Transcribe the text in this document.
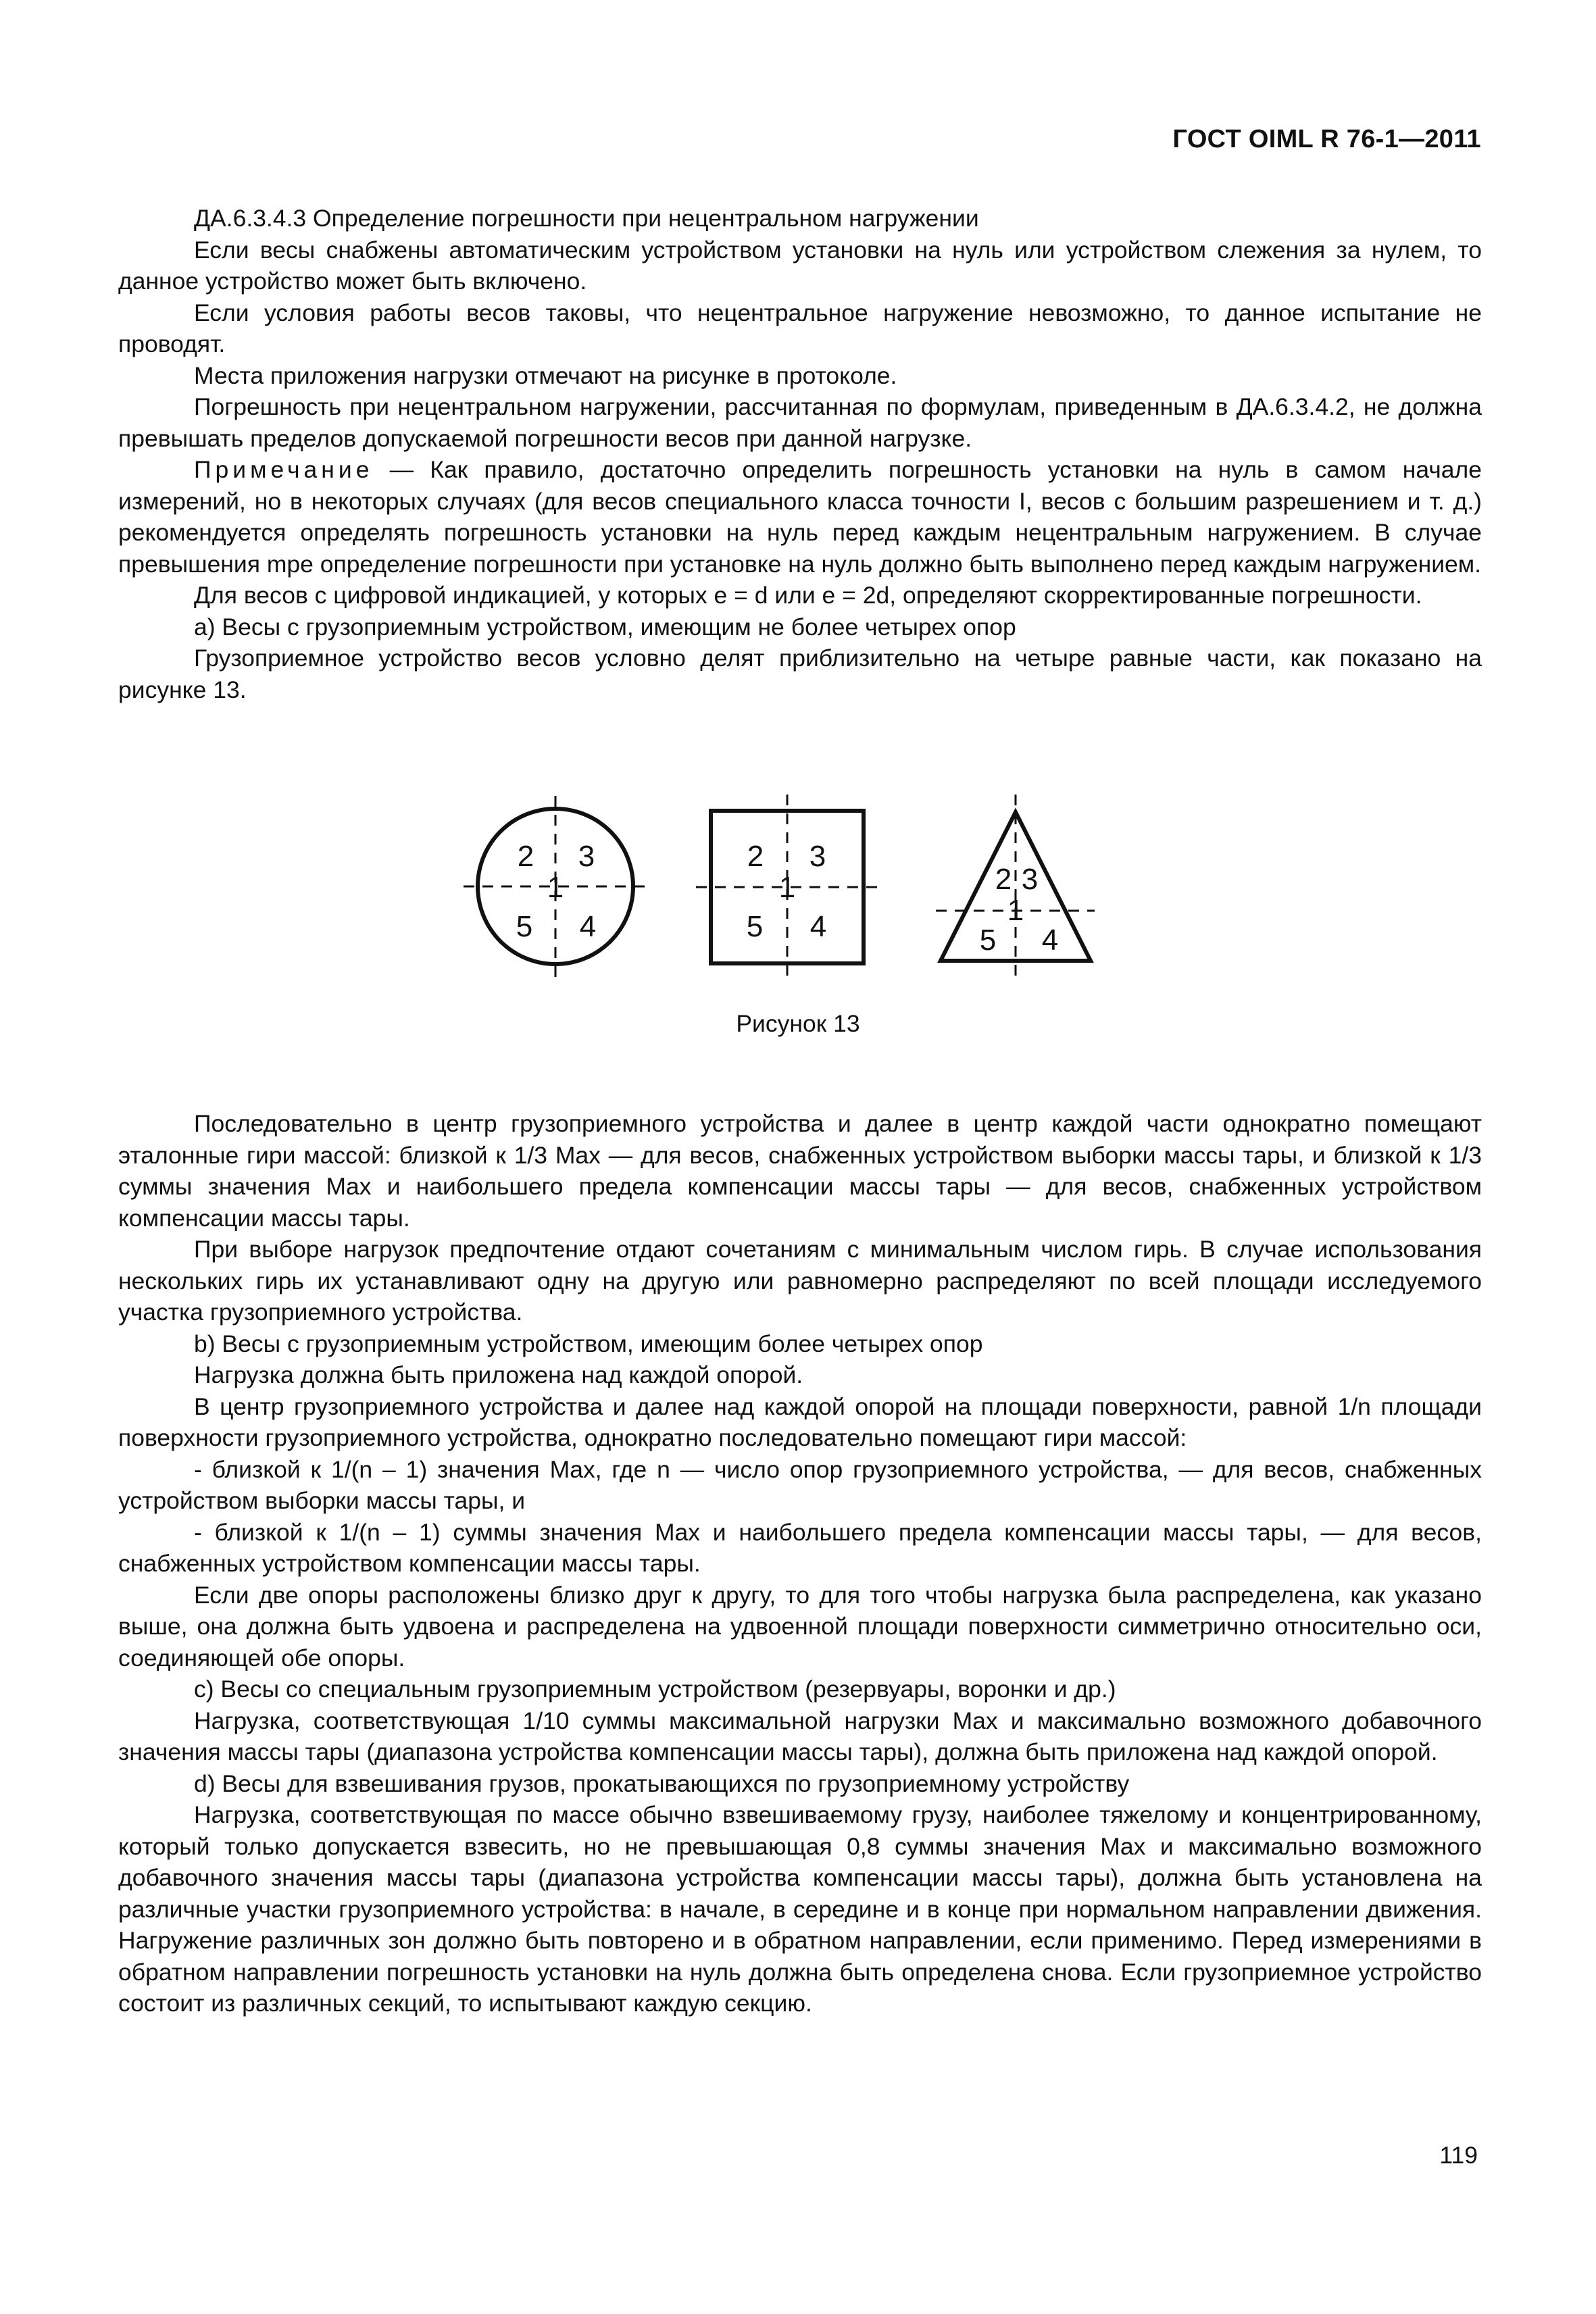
ГОСТ OIML R 76-1—2011

ДА.6.3.4.3 Определение погрешности при нецентральном нагружении

Если весы снабжены автоматическим устройством установки на нуль или устройством слежения за нулем, то данное устройство может быть включено.

Если условия работы весов таковы, что нецентральное нагружение невозможно, то данное испытание не проводят.

Места приложения нагрузки отмечают на рисунке в протоколе.

Погрешность при нецентральном нагружении, рассчитанная по формулам, приведенным в ДА.6.3.4.2, не должна превышать пределов допускаемой погрешности весов при данной нагрузке.

Примечание — Как правило, достаточно определить погрешность установки на нуль в самом начале измерений, но в некоторых случаях (для весов специального класса точности I, весов с большим разрешением и т. д.) рекомендуется определять погрешность установки на нуль перед каждым нецентральным нагружением. В случае превышения mpe определение погрешности при установке на нуль должно быть выполнено перед каждым нагружением.

Для весов с цифровой индикацией, у которых e = d или e = 2d, определяют скорректированные погрешности.

а) Весы с грузоприемным устройством, имеющим не более четырех опор

Грузоприемное устройство весов условно делят приблизительно на четыре равные части, как показано на рисунке 13.

2 3
1
5 4
2 3
1
5 4
2 3
1
5 4
Рисунок 13

Последовательно в центр грузоприемного устройства и далее в центр каждой части однократно помещают эталонные гири массой: близкой к 1/3 Max — для весов, снабженных устройством выборки массы тары, и близкой к 1/3 суммы значения Max и наибольшего предела компенсации массы тары — для весов, снабженных устройством компенсации массы тары.

При выборе нагрузок предпочтение отдают сочетаниям с минимальным числом гирь. В случае использования нескольких гирь их устанавливают одну на другую или равномерно распределяют по всей площади исследуемого участка грузоприемного устройства.

b) Весы с грузоприемным устройством, имеющим более четырех опор

Нагрузка должна быть приложена над каждой опорой.

В центр грузоприемного устройства и далее над каждой опорой на площади поверхности, равной 1/n площади поверхности грузоприемного устройства, однократно последовательно помещают гири массой:

- близкой к 1/(n – 1) значения Max, где n — число опор грузоприемного устройства, — для весов, снабженных устройством выборки массы тары, и

- близкой к 1/(n – 1) суммы значения Max и наибольшего предела компенсации массы тары, — для весов, снабженных устройством компенсации массы тары.

Если две опоры расположены близко друг к другу, то для того чтобы нагрузка была распределена, как указано выше, она должна быть удвоена и распределена на удвоенной площади поверхности симметрично относительно оси, соединяющей обе опоры.

с) Весы со специальным грузоприемным устройством (резервуары, воронки и др.)

Нагрузка, соответствующая 1/10 суммы максимальной нагрузки Max и максимально возможного добавочного значения массы тары (диапазона устройства компенсации массы тары), должна быть приложена над каждой опорой.

d) Весы для взвешивания грузов, прокатывающихся по грузоприемному устройству

Нагрузка, соответствующая по массе обычно взвешиваемому грузу, наиболее тяжелому и концентрированному, который только допускается взвесить, но не превышающая 0,8 суммы значения Max и максимально возможного добавочного значения массы тары (диапазона устройства компенсации массы тары), должна быть установлена на различные участки грузоприемного устройства: в начале, в середине и в конце при нормальном направлении движения. Нагружение различных зон должно быть повторено и в обратном направлении, если применимо. Перед измерениями в обратном направлении погрешность установки на нуль должна быть определена снова. Если грузоприемное устройство состоит из различных секций, то испытывают каждую секцию.

119
